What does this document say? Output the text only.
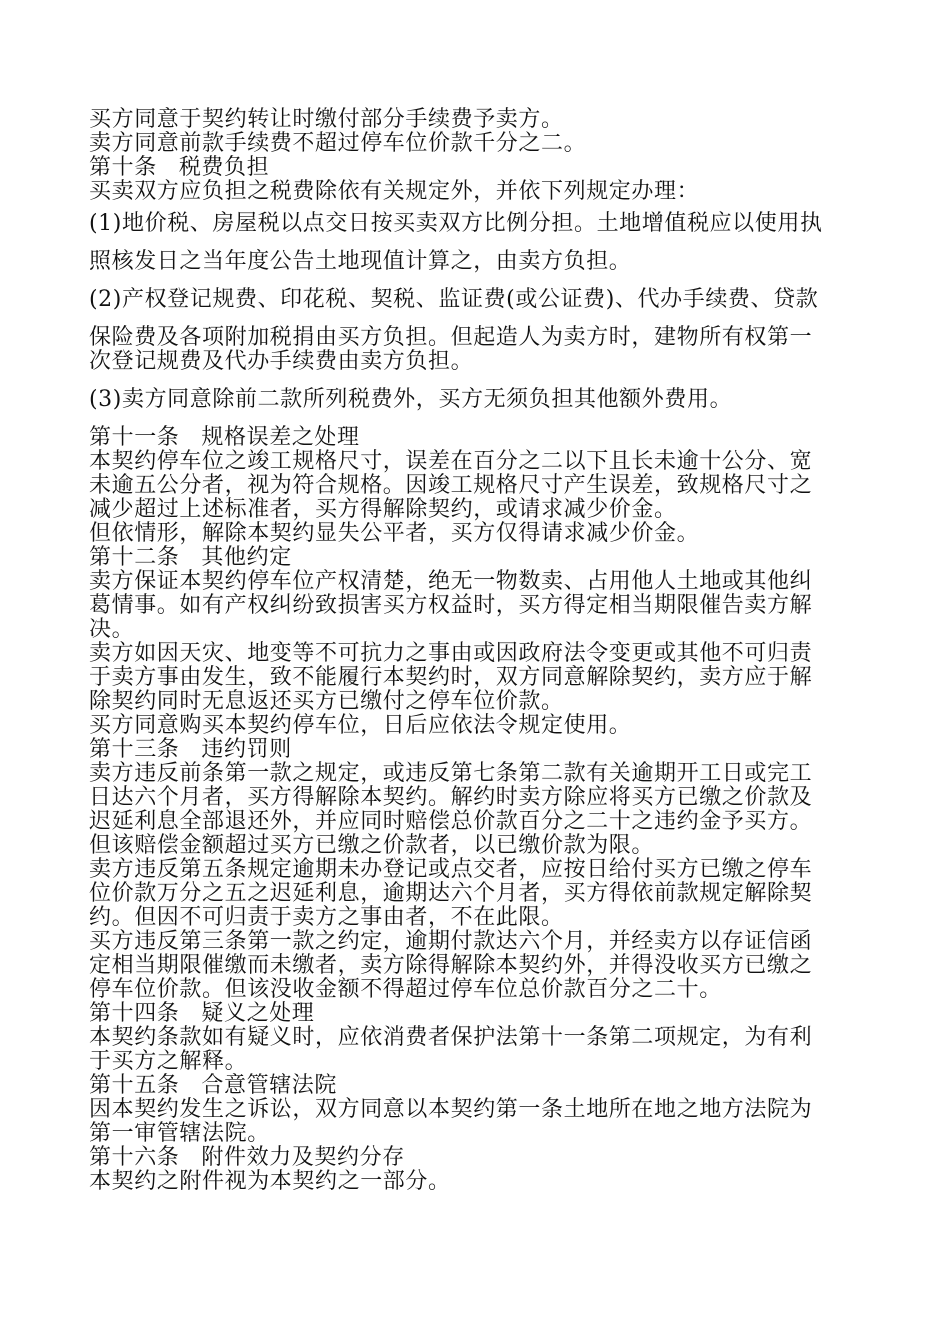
买方同意于契约转让时缴付部分手续费予卖方。
卖方同意前款手续费不超过停车位价款千分之二。
第十条 税费负担
买卖双方应负担之税费除依有关规定外，并依下列规定办理：
(1)地价税、房屋税以点交日按买卖双方比例分担。土地增值税应以使用执
照核发日之当年度公告土地现值计算之，由卖方负担。
(2)产权登记规费、印花税、契税、监证费(或公证费)、代办手续费、贷款
保险费及各项附加税捐由买方负担。但起造人为卖方时，建物所有权第一
次登记规费及代办手续费由卖方负担。
(3)卖方同意除前二款所列税费外，买方无须负担其他额外费用。
第十一条 规格误差之处理
本契约停车位之竣工规格尺寸，误差在百分之二以下且长未逾十公分、宽
未逾五公分者，视为符合规格。因竣工规格尺寸产生误差，致规格尺寸之
减少超过上述标准者，买方得解除契约，或请求减少价金。
但依情形，解除本契约显失公平者，买方仅得请求减少价金。
第十二条 其他约定
卖方保证本契约停车位产权清楚，绝无一物数卖、占用他人土地或其他纠
葛情事。如有产权纠纷致损害买方权益时，买方得定相当期限催告卖方解
决。
卖方如因天灾、地变等不可抗力之事由或因政府法令变更或其他不可归责
于卖方事由发生，致不能履行本契约时，双方同意解除契约，卖方应于解
除契约同时无息返还买方已缴付之停车位价款。
买方同意购买本契约停车位，日后应依法令规定使用。
第十三条 违约罚则
卖方违反前条第一款之规定，或违反第七条第二款有关逾期开工日或完工
日达六个月者，买方得解除本契约。解约时卖方除应将买方已缴之价款及
迟延利息全部退还外，并应同时赔偿总价款百分之二十之违约金予买方。
但该赔偿金额超过买方已缴之价款者，以已缴价款为限。
卖方违反第五条规定逾期未办登记或点交者，应按日给付买方已缴之停车
位价款万分之五之迟延利息，逾期达六个月者，买方得依前款规定解除契
约。但因不可归责于卖方之事由者，不在此限。
买方违反第三条第一款之约定，逾期付款达六个月，并经卖方以存证信函
定相当期限催缴而未缴者，卖方除得解除本契约外，并得没收买方已缴之
停车位价款。但该没收金额不得超过停车位总价款百分之二十。
第十四条 疑义之处理
本契约条款如有疑义时，应依消费者保护法第十一条第二项规定，为有利
于买方之解释。
第十五条 合意管辖法院
因本契约发生之诉讼，双方同意以本契约第一条土地所在地之地方法院为
第一审管辖法院。
第十六条 附件效力及契约分存
本契约之附件视为本契约之一部分。
